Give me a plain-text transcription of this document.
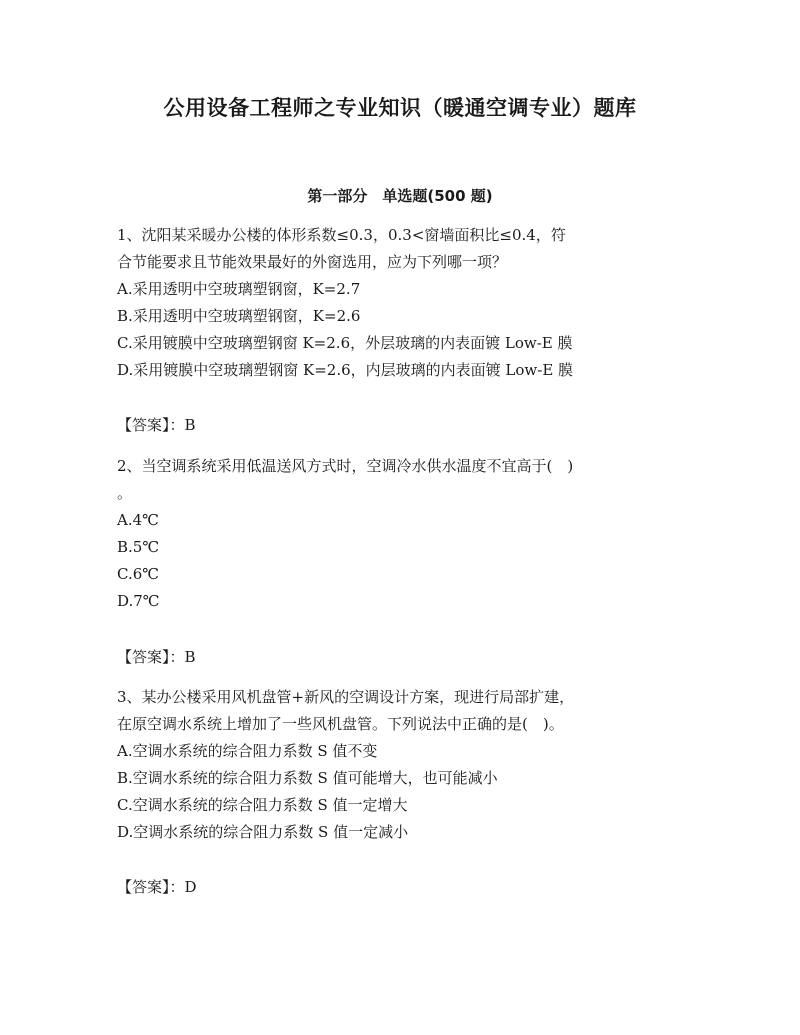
公用设备工程师之专业知识（暖通空调专业）题库
第一部分　单选题(500 题)
1、沈阳某采暖办公楼的体形系数≤0.3，0.3<窗墙面积比≤0.4，符
合节能要求且节能效果最好的外窗选用，应为下列哪一项？
A.采用透明中空玻璃塑钢窗，K=2.7
B.采用透明中空玻璃塑钢窗，K=2.6
C.采用镀膜中空玻璃塑钢窗 K=2.6，外层玻璃的内表面镀 Low-E 膜
D.采用镀膜中空玻璃塑钢窗 K=2.6，内层玻璃的内表面镀 Low-E 膜
【答案】：B
2、当空调系统采用低温送风方式时，空调冷水供水温度不宜高于(　)
。
A.4℃
B.5℃
C.6℃
D.7℃
【答案】：B
3、某办公楼采用风机盘管+新风的空调设计方案，现进行局部扩建，
在原空调水系统上增加了一些风机盘管。下列说法中正确的是(　)。
A.空调水系统的综合阻力系数 S 值不变
B.空调水系统的综合阻力系数 S 值可能增大，也可能减小
C.空调水系统的综合阻力系数 S 值一定增大
D.空调水系统的综合阻力系数 S 值一定减小
【答案】：D
